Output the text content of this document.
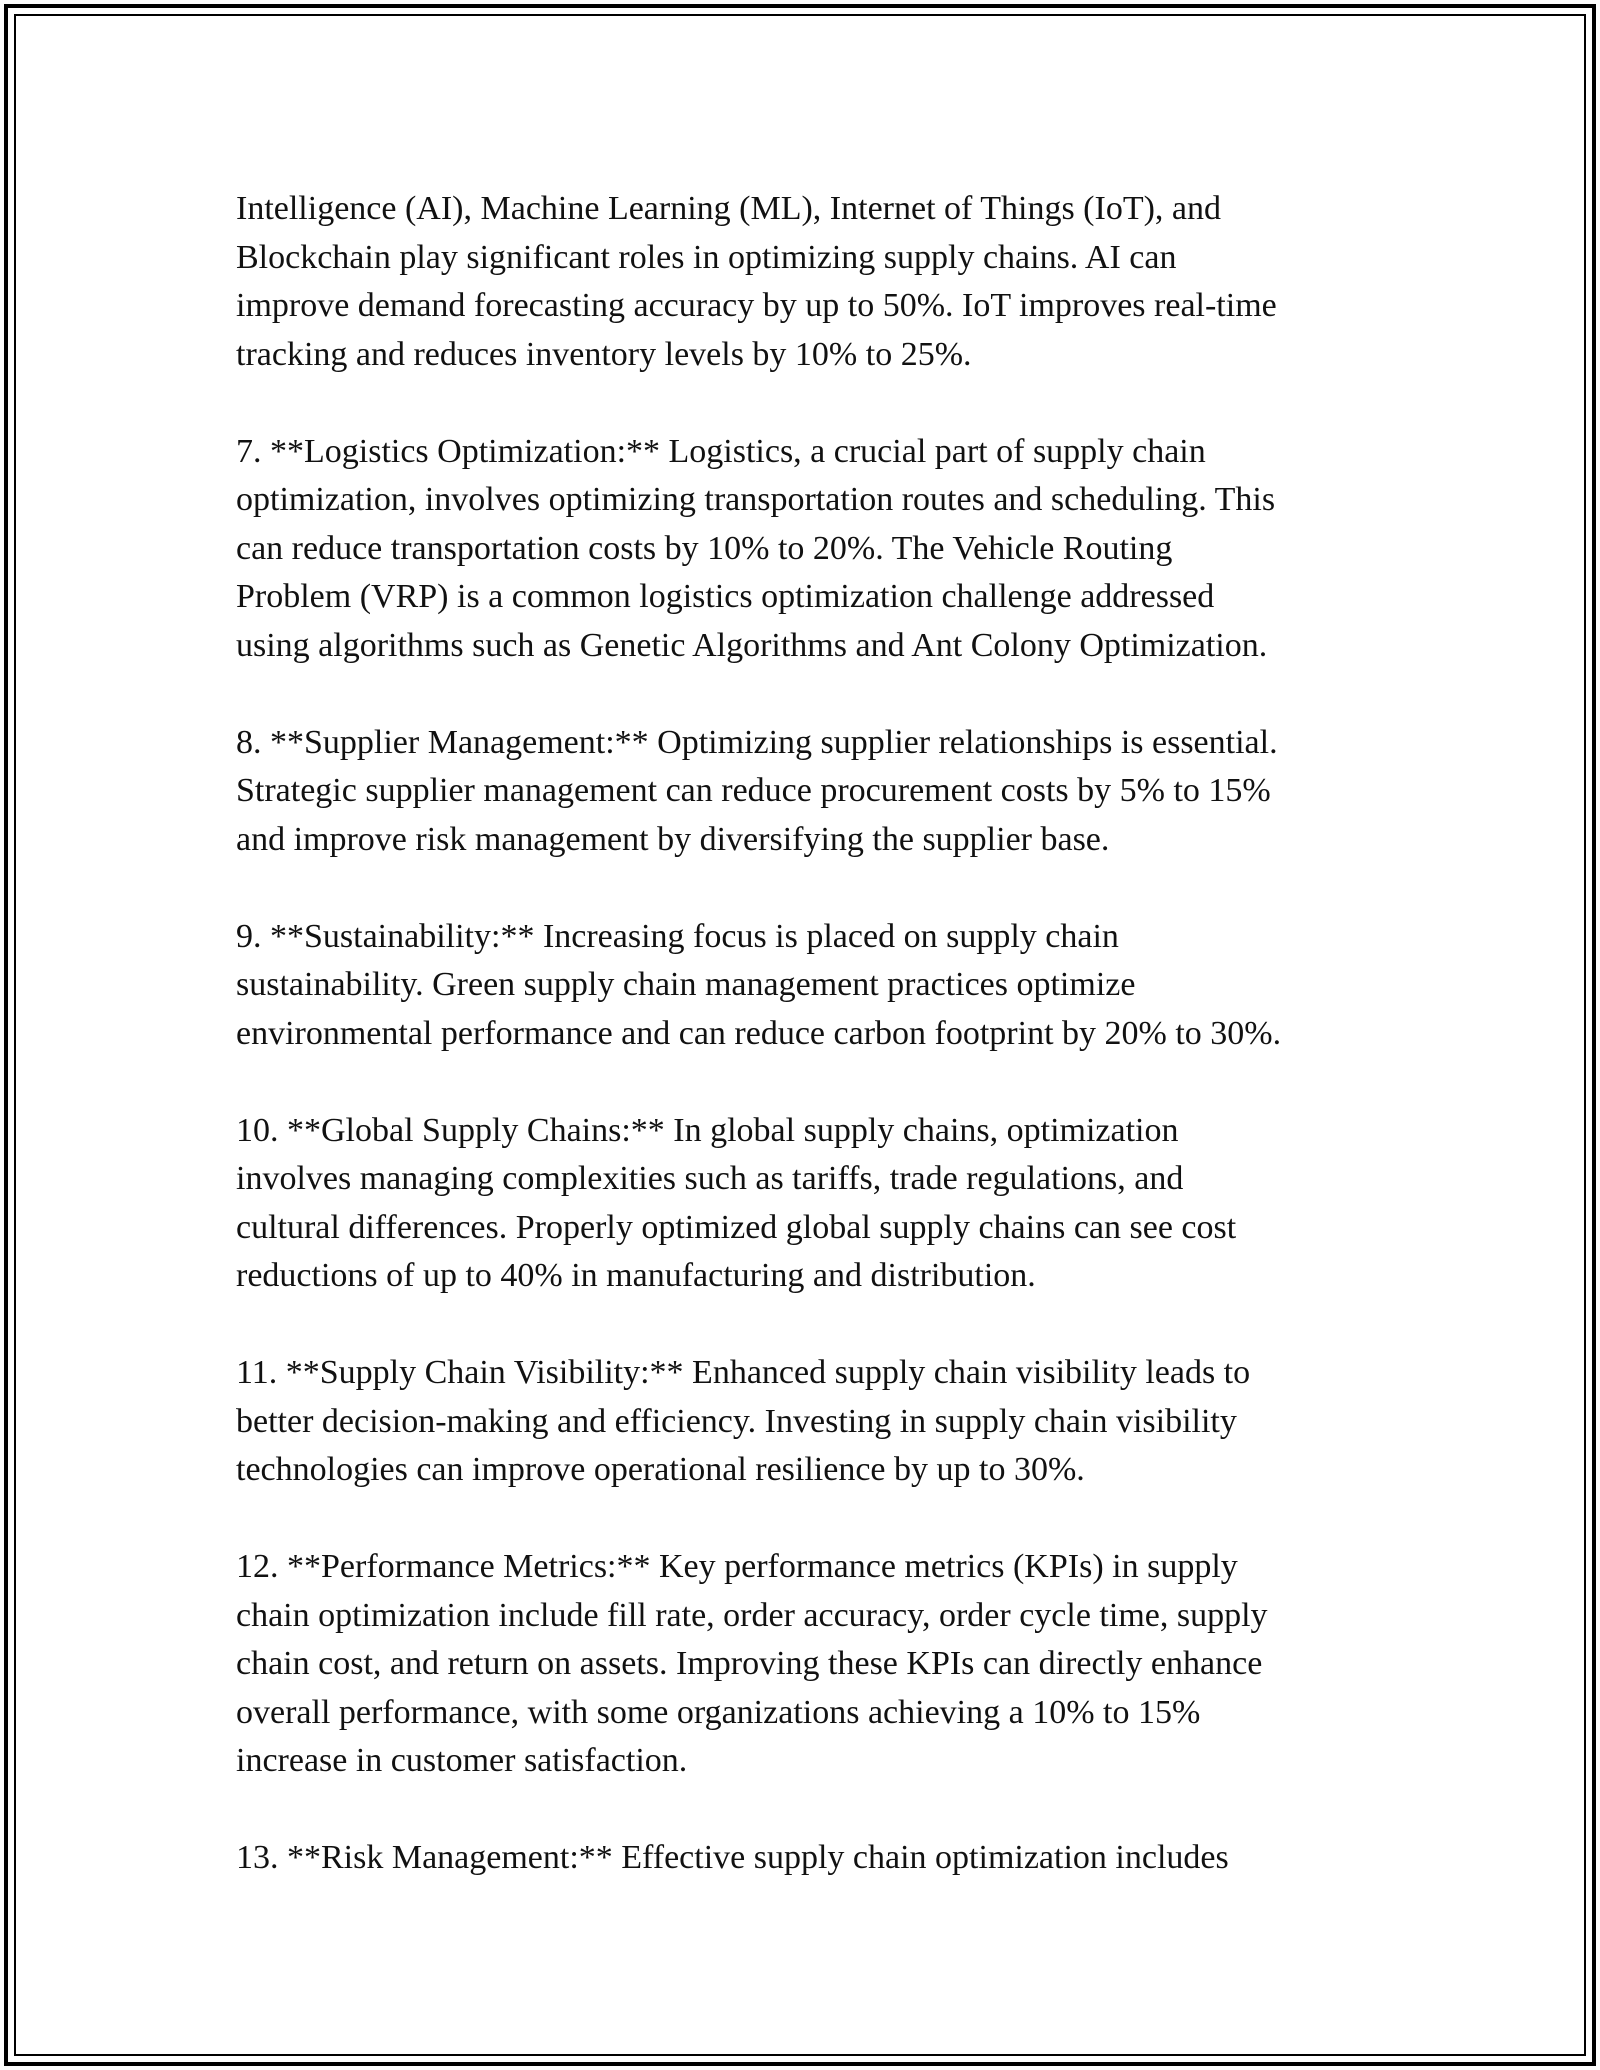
Intelligence (AI), Machine Learning (ML), Internet of Things (IoT), and
Blockchain play significant roles in optimizing supply chains. AI can
improve demand forecasting accuracy by up to 50%. IoT improves real-time
tracking and reduces inventory levels by 10% to 25%.

7. **Logistics Optimization:** Logistics, a crucial part of supply chain
optimization, involves optimizing transportation routes and scheduling. This
can reduce transportation costs by 10% to 20%. The Vehicle Routing
Problem (VRP) is a common logistics optimization challenge addressed
using algorithms such as Genetic Algorithms and Ant Colony Optimization.

8. **Supplier Management:** Optimizing supplier relationships is essential.
Strategic supplier management can reduce procurement costs by 5% to 15%
and improve risk management by diversifying the supplier base.

9. **Sustainability:** Increasing focus is placed on supply chain
sustainability. Green supply chain management practices optimize
environmental performance and can reduce carbon footprint by 20% to 30%.

10. **Global Supply Chains:** In global supply chains, optimization
involves managing complexities such as tariffs, trade regulations, and
cultural differences. Properly optimized global supply chains can see cost
reductions of up to 40% in manufacturing and distribution.

11. **Supply Chain Visibility:** Enhanced supply chain visibility leads to
better decision-making and efficiency. Investing in supply chain visibility
technologies can improve operational resilience by up to 30%.

12. **Performance Metrics:** Key performance metrics (KPIs) in supply
chain optimization include fill rate, order accuracy, order cycle time, supply
chain cost, and return on assets. Improving these KPIs can directly enhance
overall performance, with some organizations achieving a 10% to 15%
increase in customer satisfaction.

13. **Risk Management:** Effective supply chain optimization includes
